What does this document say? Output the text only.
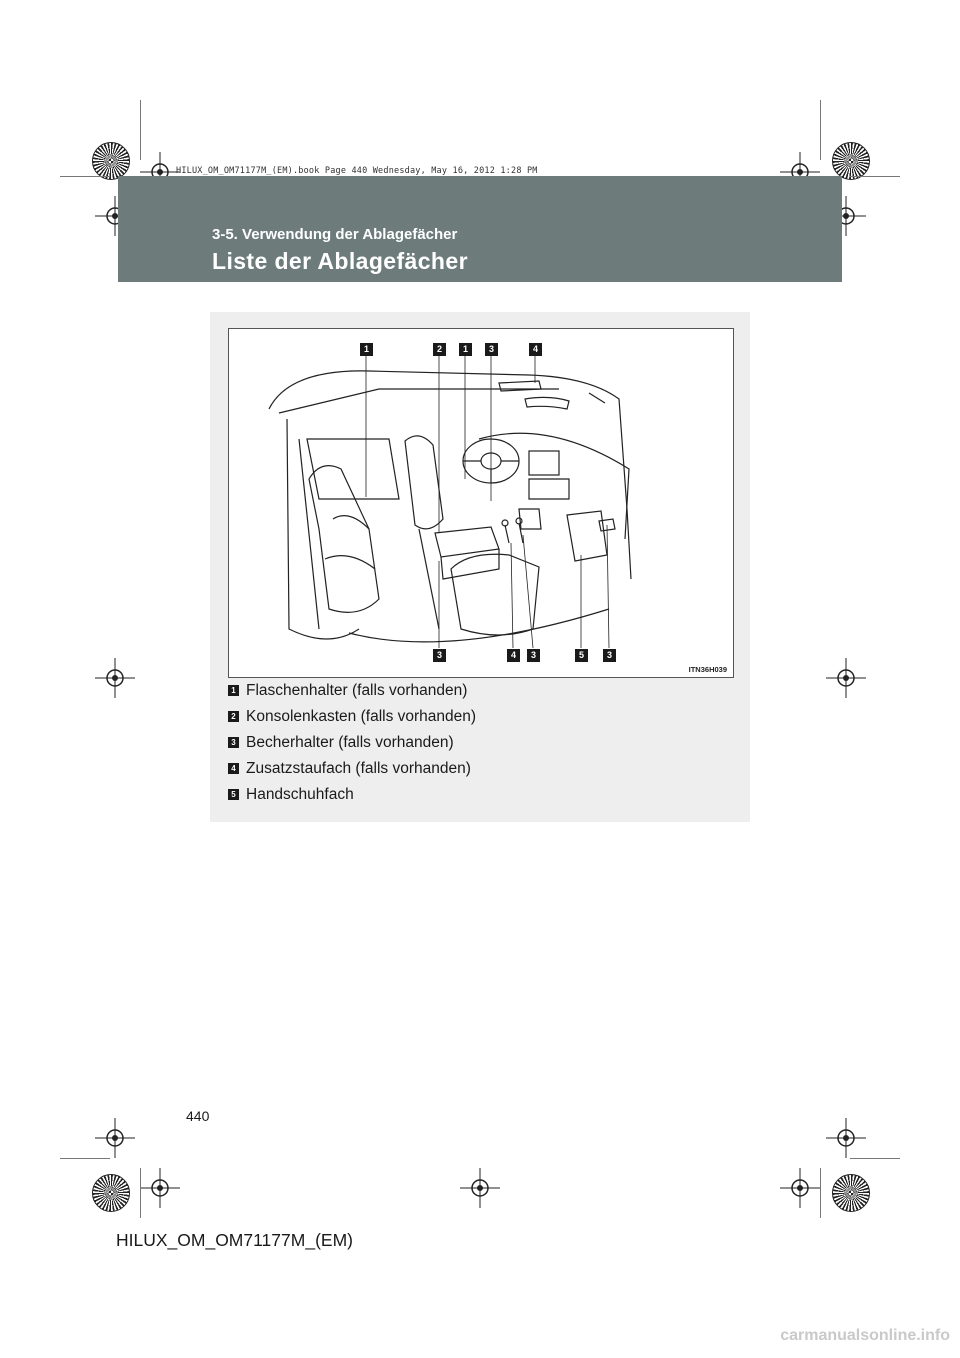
HILUX_OM_OM71177M_(EM).book Page 440 Wednesday, May 16, 2012 1:28 PM
3-5. Verwendung der Ablagefächer
Liste der Ablagefächer
1	2	1	3	4
3	4	3	5	3
ITN36H039
1 Flaschenhalter (falls vorhanden)
2 Konsolenkasten (falls vorhanden)
3 Becherhalter (falls vorhanden)
4 Zusatzstaufach (falls vorhanden)
5 Handschuhfach
440
HILUX_OM_OM71177M_(EM)
carmanualsonline.info
